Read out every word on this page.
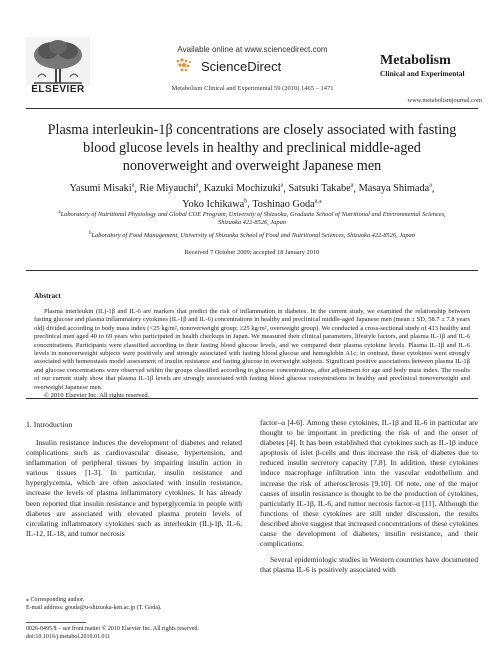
ELSEVIER
Available online at www.sciencedirect.com
ScienceDirect
Metabolism Clinical and Experimental 59 (2010) 1465 – 1471
Metabolism
Clinical and Experimental
www.metabolismjournal.com
Plasma interleukin-1β concentrations are closely associated with fasting
blood glucose levels in healthy and preclinical middle-aged
nonoverweight and overweight Japanese men
Yasumi Misaki$^a$, Rie Miyauchi$^a$, Kazuki Mochizuki$^a$, Satsuki Takabe$^a$, Masaya Shimada$^a$,
Yoko Ichikawa$^b$, Toshinao Goda$^{a,⁎}$
$^a$Laboratory of Nutritional Physiology and Global COE Program, University of Shizuoka, Graduate School of Nutritional and Environmental Sciences,
Shizuoka 422-8526, Japan
$^b$Laboratory of Food Management, University of Shizuoka School of Food and Nutritional Sciences, Shizuoka 422-8526, Japan
Received 7 October 2009; accepted 18 January 2010
Abstract
Plasma interleukin (IL)-1β and IL-6 are markers that predict the risk of inflammation in diabetes. In the current study, we examined the relationship between fasting glucose and plasma inflammatory cytokines (IL-1β and IL-6) concentrations in healthy and preclinical middle-aged Japanese men (mean ± SD, 58.7 ± 7.8 years old) divided according to body mass index (<25 kg/m², nonoverweight group; ≥25 kg/m², overweight group). We conducted a cross-sectional study of 413 healthy and preclinical men aged 40 to 69 years who participated in health checkups in Japan. We measured their clinical parameters, lifestyle factors, and plasma IL-1β and IL-6 concentrations. Participants were classified according to their fasting blood glucose levels, and we compared their plasma cytokine levels. Plasma IL-1β and IL-6 levels in nonoverweight subjects were positively and strongly associated with fasting blood glucose and hemoglobin A1c; in contrast, these cytokines were strongly associated with homeostasis model assessment of insulin resistance and fasting glucose in overweight subjects. Significant positive associations between plasma IL-1β and glucose concentrations were observed within the groups classified according to glucose concentrations, after adjustment for age and body mass index. The results of our current study show that plasma IL-1β levels are strongly associated with fasting blood glucose concentrations in healthy and preclinical nonoverweight and overweight Japanese men.
© 2010 Elsevier Inc. All rights reserved.
1. Introduction

Insulin resistance induces the development of diabetes and related complications such as cardiovascular disease, hypertension, and inflammation of peripheral tissues by impairing insulin action in various tissues [1-3]. In particular, insulin resistance and hyperglycemia, which are often associated with insulin resistance, increase the levels of plasma inflammatory cytokines. It has already been reported that insulin resistance and hyperglycemia in people with diabetes are associated with elevated plasma protein levels of circulating inflammatory cytokines such as interleukin (IL)-1β, IL-6, IL-12, IL-18, and tumor necrosis

factor–α [4-6]. Among these cytokines, IL-1β and IL-6 in particular are thought to be important in predicting the risk of and the onset of diabetes [4]. It has been established that cytokines such as IL-1β induce apoptosis of islet β-cells and thus increase the risk of diabetes due to reduced insulin secretory capacity [7,8]. In addition, these cytokines induce macrophage infiltration into the vascular endothelium and increase the risk of atherosclerosis [9,10]. Of note, one of the major causes of insulin resistance is thought to be the production of cytokines, particularly IL-1β, IL-6, and tumor necrosis factor–α [11]. Although the functions of these cytokines are still under discussion, the results described above suggest that increased concentrations of these cytokines cause the development of diabetes, insulin resistance, and their complications.

Several epidemiologic studies in Western countries have documented that plasma IL-6 is positively associated with

⁎ Corresponding author.
E-mail address: gouda@u-shizuoka-ken.ac.jp (T. Goda).
0026-0495/$ – see front matter © 2010 Elsevier Inc. All rights reserved.
doi:10.1016/j.metabol.2010.01.011
